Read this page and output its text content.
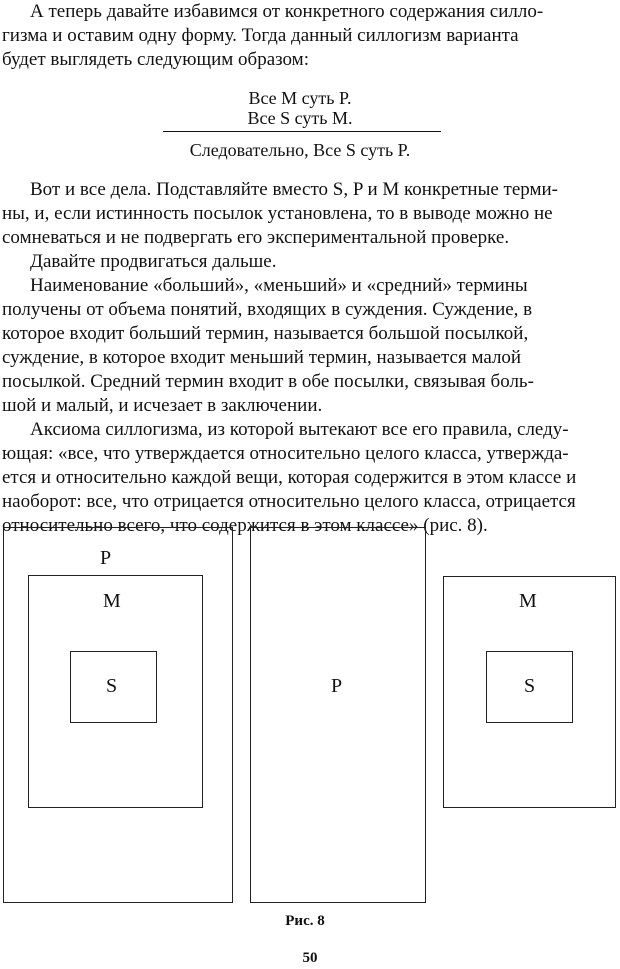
А теперь давайте избавимся от конкретного содержания силло-
гизма и оставим одну форму. Тогда данный силлогизм варианта
будет выглядеть следующим образом:
Все M суть P.
Все S суть M.
Следовательно, Все S суть P.
Вот и все дела. Подставляйте вместо S, P и M конкретные терми-
ны, и, если истинность посылок установлена, то в выводе можно не
сомневаться и не подвергать его экспериментальной проверке.
Давайте продвигаться дальше.
Наименование «больший», «меньший» и «средний» термины
получены от объема понятий, входящих в суждения. Суждение, в
которое входит больший термин, называется большой посылкой,
суждение, в которое входит меньший термин, называется малой
посылкой. Средний термин входит в обе посылки, связывая боль-
шой и малый, и исчезает в заключении.
Аксиома силлогизма, из которой вытекают все его правила, следу-
ющая: «все, что утверждается относительно целого класса, утвержда-
ется и относительно каждой вещи, которая содержится в этом классе и
наоборот: все, что отрицается относительно целого класса, отрицается
относительно всего, что содержится в этом классе» (рис. 8).
P
M
S	P
M
S
Рис. 8
50
